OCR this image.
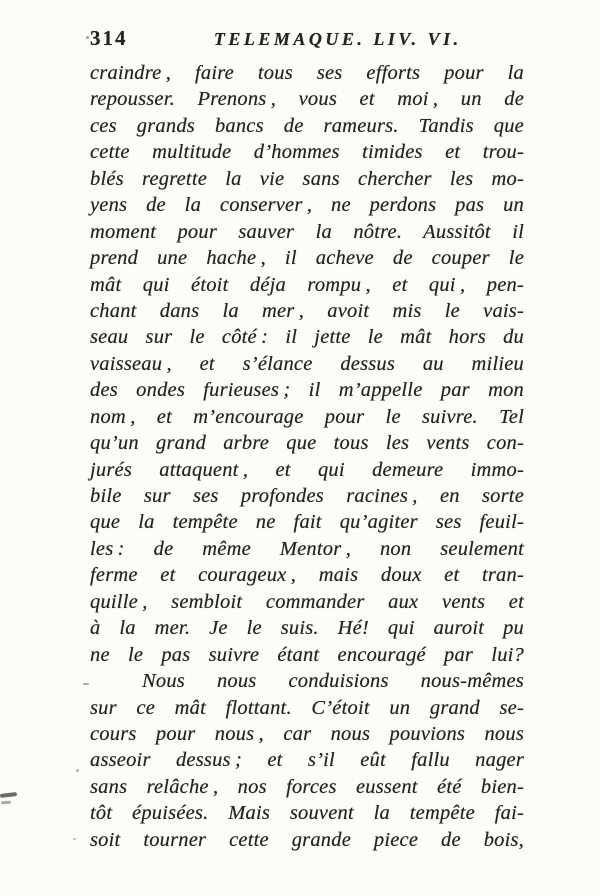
314	TELEMAQUE. LIV. VI.
craindre , faire tous ses efforts pour la
repousser. Prenons , vous et moi , un de
ces grands bancs de rameurs. Tandis que
cette multitude d’hommes timides et trou-
blés regrette la vie sans chercher les mo-
yens de la conserver , ne perdons pas un
moment pour sauver la nôtre. Aussitôt il
prend une hache , il acheve de couper le
mât qui étoit déja rompu , et qui , pen-
chant dans la mer , avoit mis le vais-
seau sur le côté : il jette le mât hors du
vaisseau , et s’élance dessus au milieu
des ondes furieuses ; il m’appelle par mon
nom , et m’encourage pour le suivre. Tel
qu’un grand arbre que tous les vents con-
jurés attaquent , et qui demeure immo-
bile sur ses profondes racines , en sorte
que la tempête ne fait qu’agiter ses feuil-
les : de même Mentor , non seulement
ferme et courageux , mais doux et tran-
quille , sembloit commander aux vents et
à la mer. Je le suis. Hé! qui auroit pu
ne le pas suivre étant encouragé par lui?
Nous nous conduisions nous-mêmes
sur ce mât flottant. C’étoit un grand se-
cours pour nous , car nous pouvions nous
asseoir dessus ; et s’il eût fallu nager
sans relâche , nos forces eussent été bien-
tôt épuisées. Mais souvent la tempête fai-
soit tourner cette grande piece de bois,
